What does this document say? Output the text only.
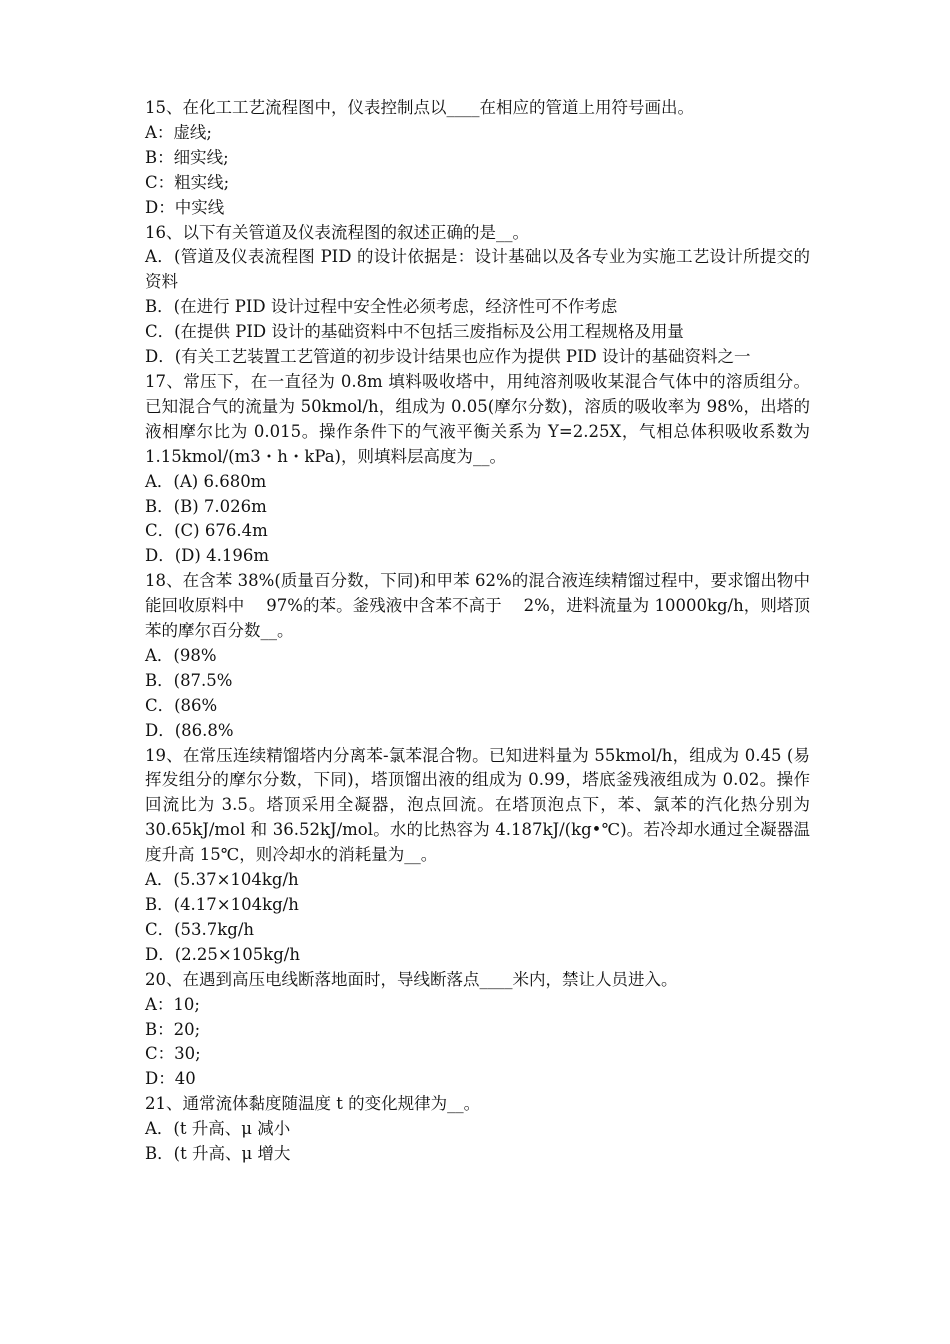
15、在化工工艺流程图中，仪表控制点以____在相应的管道上用符号画出。
A：虚线;
B：细实线;
C：粗实线;
D：中实线
16、以下有关管道及仪表流程图的叙述正确的是__。
A．(管道及仪表流程图 PID 的设计依据是：设计基础以及各专业为实施工艺设计所提交的资料
B．(在进行 PID 设计过程中安全性必须考虑，经济性可不作考虑
C．(在提供 PID 设计的基础资料中不包括三废指标及公用工程规格及用量
D．(有关工艺装置工艺管道的初步设计结果也应作为提供 PID 设计的基础资料之一
17、常压下，在一直径为 0.8m 填料吸收塔中，用纯溶剂吸收某混合气体中的溶质组分。已知混合气的流量为 50kmol/h，组成为 0.05(摩尔分数)，溶质的吸收率为 98%，出塔的液相摩尔比为 0.015。操作条件下的气液平衡关系为 Y=2.25X，气相总体积吸收系数为 1.15kmol/(m3・h・kPa)，则填料层高度为__。
A．(A) 6.680m
B．(B) 7.026m
C．(C) 676.4m
D．(D) 4.196m
18、在含苯 38%(质量百分数，下同)和甲苯 62%的混合液连续精馏过程中，要求馏出物中能回收原料中　 97%的苯。釜残液中含苯不高于　 2%，进料流量为 10000kg/h，则塔顶苯的摩尔百分数__。
A．(98%
B．(87.5%
C．(86%
D．(86.8%
19、在常压连续精馏塔内分离苯-氯苯混合物。已知进料量为 55kmol/h，组成为 0.45 (易挥发组分的摩尔分数，下同)，塔顶馏出液的组成为 0.99，塔底釜残液组成为 0.02。操作回流比为 3.5。塔顶采用全凝器，泡点回流。在塔顶泡点下，苯、氯苯的汽化热分别为 30.65kJ/mol 和 36.52kJ/mol。水的比热容为 4.187kJ/(kg•℃)。若冷却水通过全凝器温度升高 15℃，则冷却水的消耗量为__。
A．(5.37×104kg/h
B．(4.17×104kg/h
C．(53.7kg/h
D．(2.25×105kg/h
20、在遇到高压电线断落地面时，导线断落点____米内，禁让人员进入。
A：10;
B：20;
C：30;
D：40
21、通常流体黏度随温度 t 的变化规律为__。
A．(t 升高、μ 减小
B．(t 升高、μ 增大
